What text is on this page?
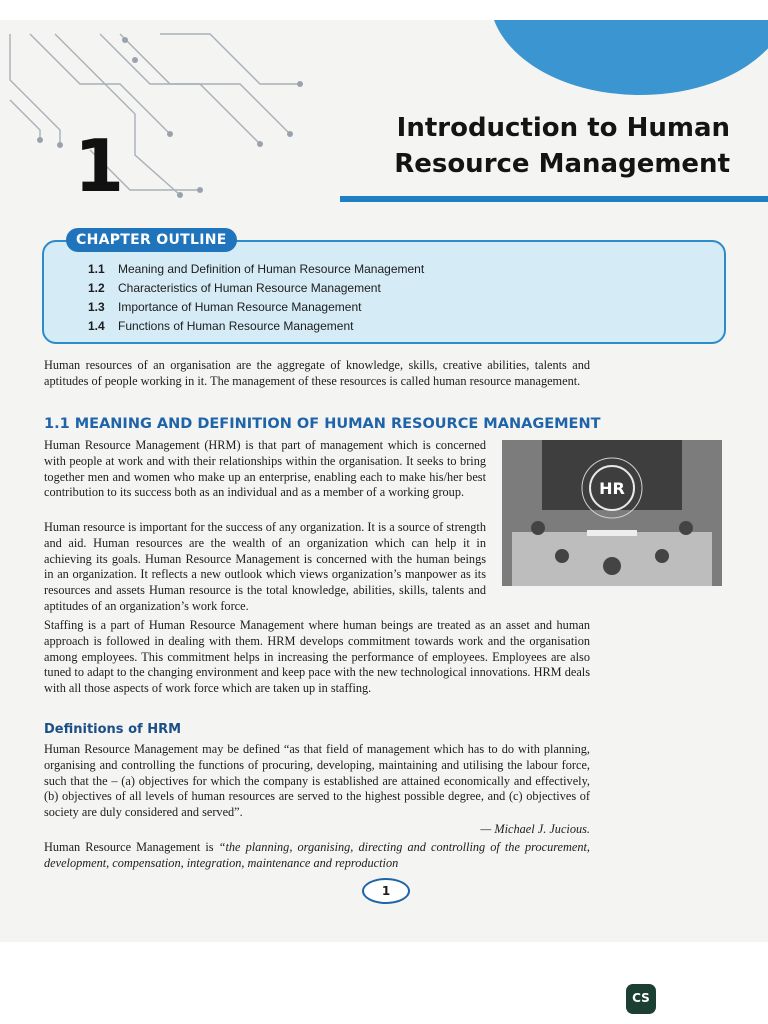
1	Introduction to Human
Resource Management
CHAPTER OUTLINE
1.1 Meaning and Definition of Human Resource Management
1.2 Characteristics of Human Resource Management
1.3 Importance of Human Resource Management
1.4 Functions of Human Resource Management

Human resources of an organisation are the aggregate of knowledge, skills, creative abilities, talents and aptitudes of people working in it. The management of these resources is called human resource management.

1.1 MEANING AND DEFINITION OF HUMAN RESOURCE MANAGEMENT

Human Resource Management (HRM) is that part of management which is concerned with people at work and with their relationships within the organisation. It seeks to bring together men and women who make up an enterprise, enabling each to make his/her best contribution to its success both as an individual and as a member of a working group.

Human resource is important for the success of any organization. It is a source of strength and aid. Human resources are the wealth of an organization which can help it in achieving its goals. Human Resource Management is concerned with the human beings in an organization. It reflects a new outlook which views organization’s manpower as its resources and assets Human resource is the total knowledge, abilities, skills, talents and aptitudes of an organization’s work force.

Staffing is a part of Human Resource Management where human beings are treated as an asset and human approach is followed in dealing with them. HRM develops commitment towards work and the organisation among employees. This commitment helps in increasing the performance of employees. Employees are also tuned to adapt to the changing environment and keep pace with the new technological innovations. HRM deals with all those aspects of work force which are taken up in staffing.

HR
Definitions of HRM

Human Resource Management may be defined “as that field of management which has to do with planning, organising and controlling the functions of procuring, developing, maintaining and utilising the labour force, such that the – (a) objectives for which the company is established are attained economically and effectively, (b) objectives of all levels of human resources are served to the highest possible degree, and (c) objectives of society are duly considered and served”.

— Michael J. Jucious.

Human Resource Management is “the planning, organising, directing and controlling of the procurement, development, compensation, integration, maintenance and reproduction

1
CS
